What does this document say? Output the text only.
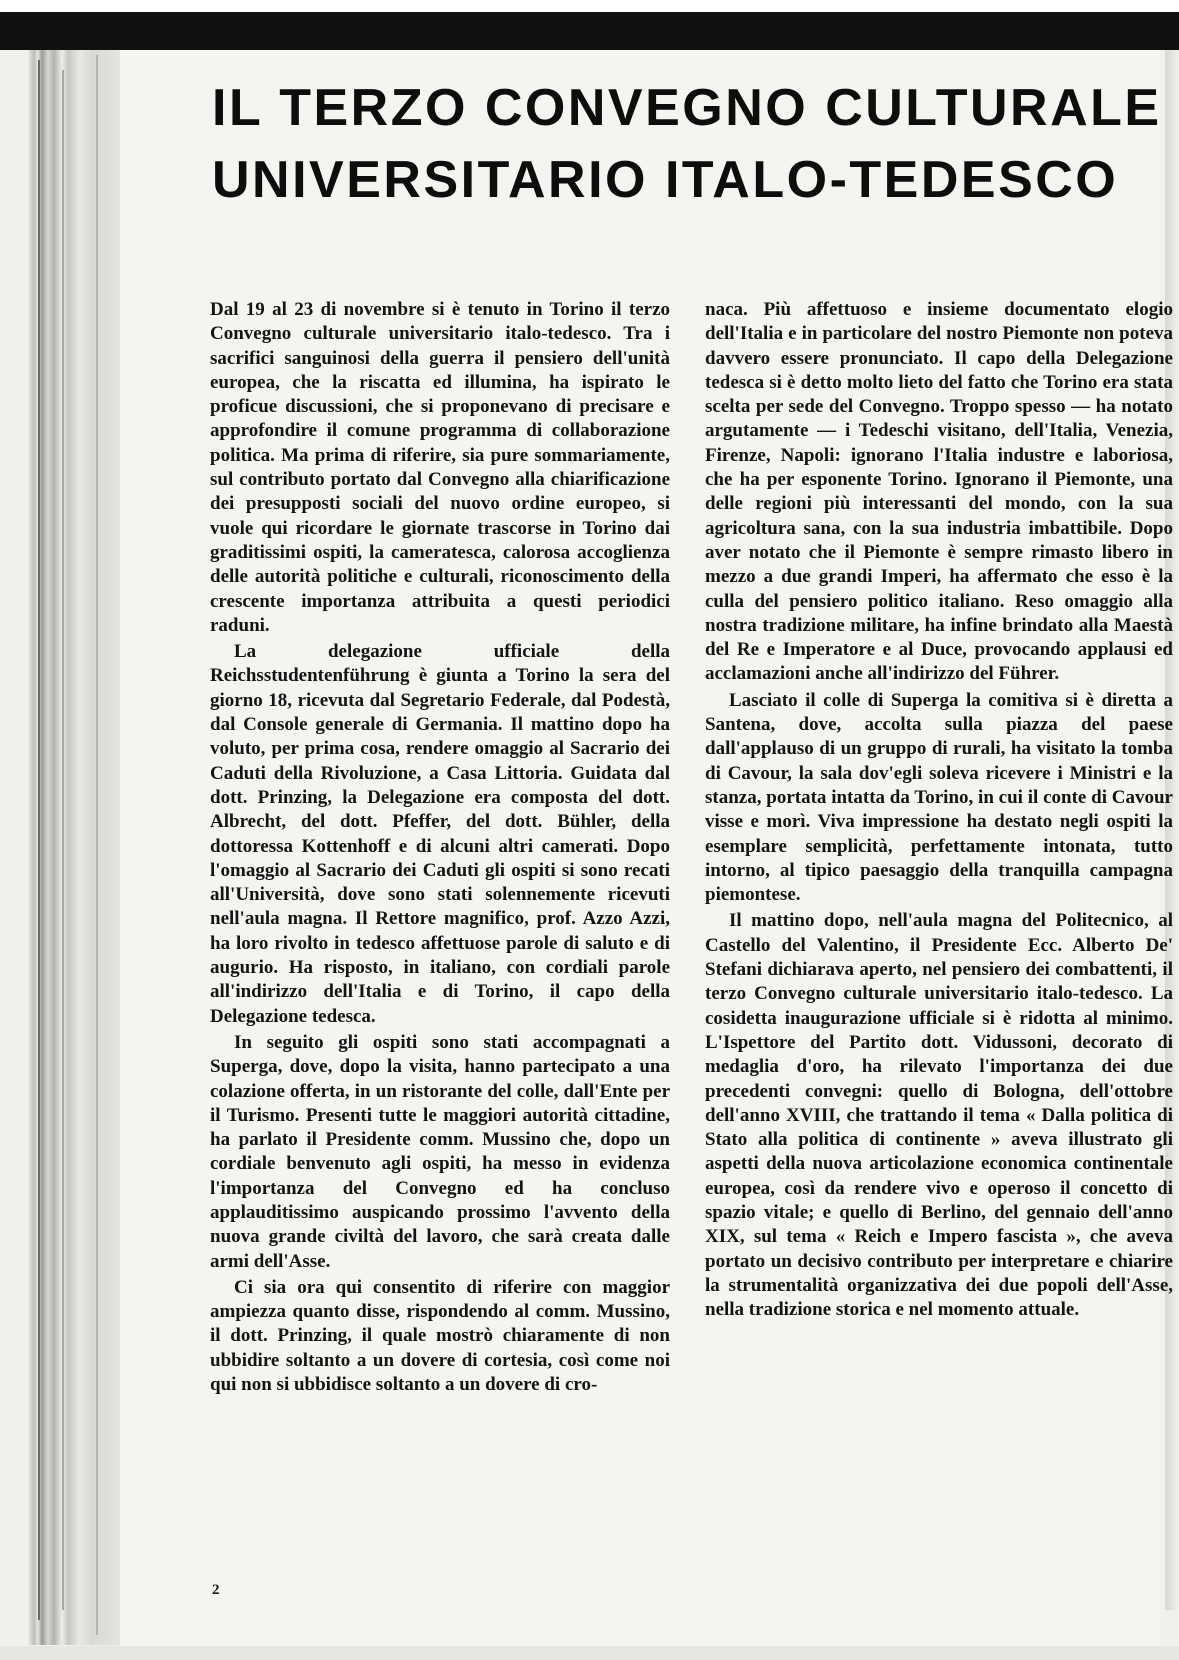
IL TERZO CONVEGNO CULTURALE
UNIVERSITARIO ITALO-TEDESCO

Dal 19 al 23 di novembre si è tenuto in Torino il terzo Convegno culturale universitario italo-tedesco. Tra i sacrifici sanguinosi della guerra il pensiero dell'unità europea, che la riscatta ed illumina, ha ispirato le proficue discussioni, che si proponevano di precisare e approfondire il comune programma di collaborazione politica. Ma prima di riferire, sia pure sommariamente, sul contributo portato dal Convegno alla chiarificazione dei presupposti sociali del nuovo ordine europeo, si vuole qui ricordare le giornate trascorse in Torino dai graditissimi ospiti, la cameratesca, calorosa accoglienza delle autorità politiche e culturali, riconoscimento della crescente importanza attribuita a questi periodici raduni.

La delegazione ufficiale della Reichsstudentenführung è giunta a Torino la sera del giorno 18, ricevuta dal Segretario Federale, dal Podestà, dal Console generale di Germania. Il mattino dopo ha voluto, per prima cosa, rendere omaggio al Sacrario dei Caduti della Rivoluzione, a Casa Littoria. Guidata dal dott. Prinzing, la Delegazione era composta del dott. Albrecht, del dott. Pfeffer, del dott. Bühler, della dottoressa Kottenhoff e di alcuni altri camerati. Dopo l'omaggio al Sacrario dei Caduti gli ospiti si sono recati all'Università, dove sono stati solennemente ricevuti nell'aula magna. Il Rettore magnifico, prof. Azzo Azzi, ha loro rivolto in tedesco affettuose parole di saluto e di augurio. Ha risposto, in italiano, con cordiali parole all'indirizzo dell'Italia e di Torino, il capo della Delegazione tedesca.

In seguito gli ospiti sono stati accompagnati a Superga, dove, dopo la visita, hanno partecipato a una colazione offerta, in un ristorante del colle, dall'Ente per il Turismo. Presenti tutte le maggiori autorità cittadine, ha parlato il Presidente comm. Mussino che, dopo un cordiale benvenuto agli ospiti, ha messo in evidenza l'importanza del Convegno ed ha concluso applauditissimo auspicando prossimo l'avvento della nuova grande civiltà del lavoro, che sarà creata dalle armi dell'Asse.

Ci sia ora qui consentito di riferire con maggior ampiezza quanto disse, rispondendo al comm. Mussino, il dott. Prinzing, il quale mostrò chiaramente di non ubbidire soltanto a un dovere di cortesia, così come noi qui non si ubbidisce soltanto a un dovere di cro-

naca. Più affettuoso e insieme documentato elogio dell'Italia e in particolare del nostro Piemonte non poteva davvero essere pronunciato. Il capo della Delegazione tedesca si è detto molto lieto del fatto che Torino era stata scelta per sede del Convegno. Troppo spesso — ha notato argutamente — i Tedeschi visitano, dell'Italia, Venezia, Firenze, Napoli: ignorano l'Italia industre e laboriosa, che ha per esponente Torino. Ignorano il Piemonte, una delle regioni più interessanti del mondo, con la sua agricoltura sana, con la sua industria imbattibile. Dopo aver notato che il Piemonte è sempre rimasto libero in mezzo a due grandi Imperi, ha affermato che esso è la culla del pensiero politico italiano. Reso omaggio alla nostra tradizione militare, ha infine brindato alla Maestà del Re e Imperatore e al Duce, provocando applausi ed acclamazioni anche all'indirizzo del Führer.

Lasciato il colle di Superga la comitiva si è diretta a Santena, dove, accolta sulla piazza del paese dall'applauso di un gruppo di rurali, ha visitato la tomba di Cavour, la sala dov'egli soleva ricevere i Ministri e la stanza, portata intatta da Torino, in cui il conte di Cavour visse e morì. Viva impressione ha destato negli ospiti la esemplare semplicità, perfettamente intonata, tutto intorno, al tipico paesaggio della tranquilla campagna piemontese.

Il mattino dopo, nell'aula magna del Politecnico, al Castello del Valentino, il Presidente Ecc. Alberto De' Stefani dichiarava aperto, nel pensiero dei combattenti, il terzo Convegno culturale universitario italo-tedesco. La cosidetta inaugurazione ufficiale si è ridotta al minimo. L'Ispettore del Partito dott. Vidussoni, decorato di medaglia d'oro, ha rilevato l'importanza dei due precedenti convegni: quello di Bologna, dell'ottobre dell'anno XVIII, che trattando il tema « Dalla politica di Stato alla politica di continente » aveva illustrato gli aspetti della nuova articolazione economica continentale europea, così da rendere vivo e operoso il concetto di spazio vitale; e quello di Berlino, del gennaio dell'anno XIX, sul tema « Reich e Impero fascista », che aveva portato un decisivo contributo per interpretare e chiarire la strumentalità organizzativa dei due popoli dell'Asse, nella tradizione storica e nel momento attuale.

2
